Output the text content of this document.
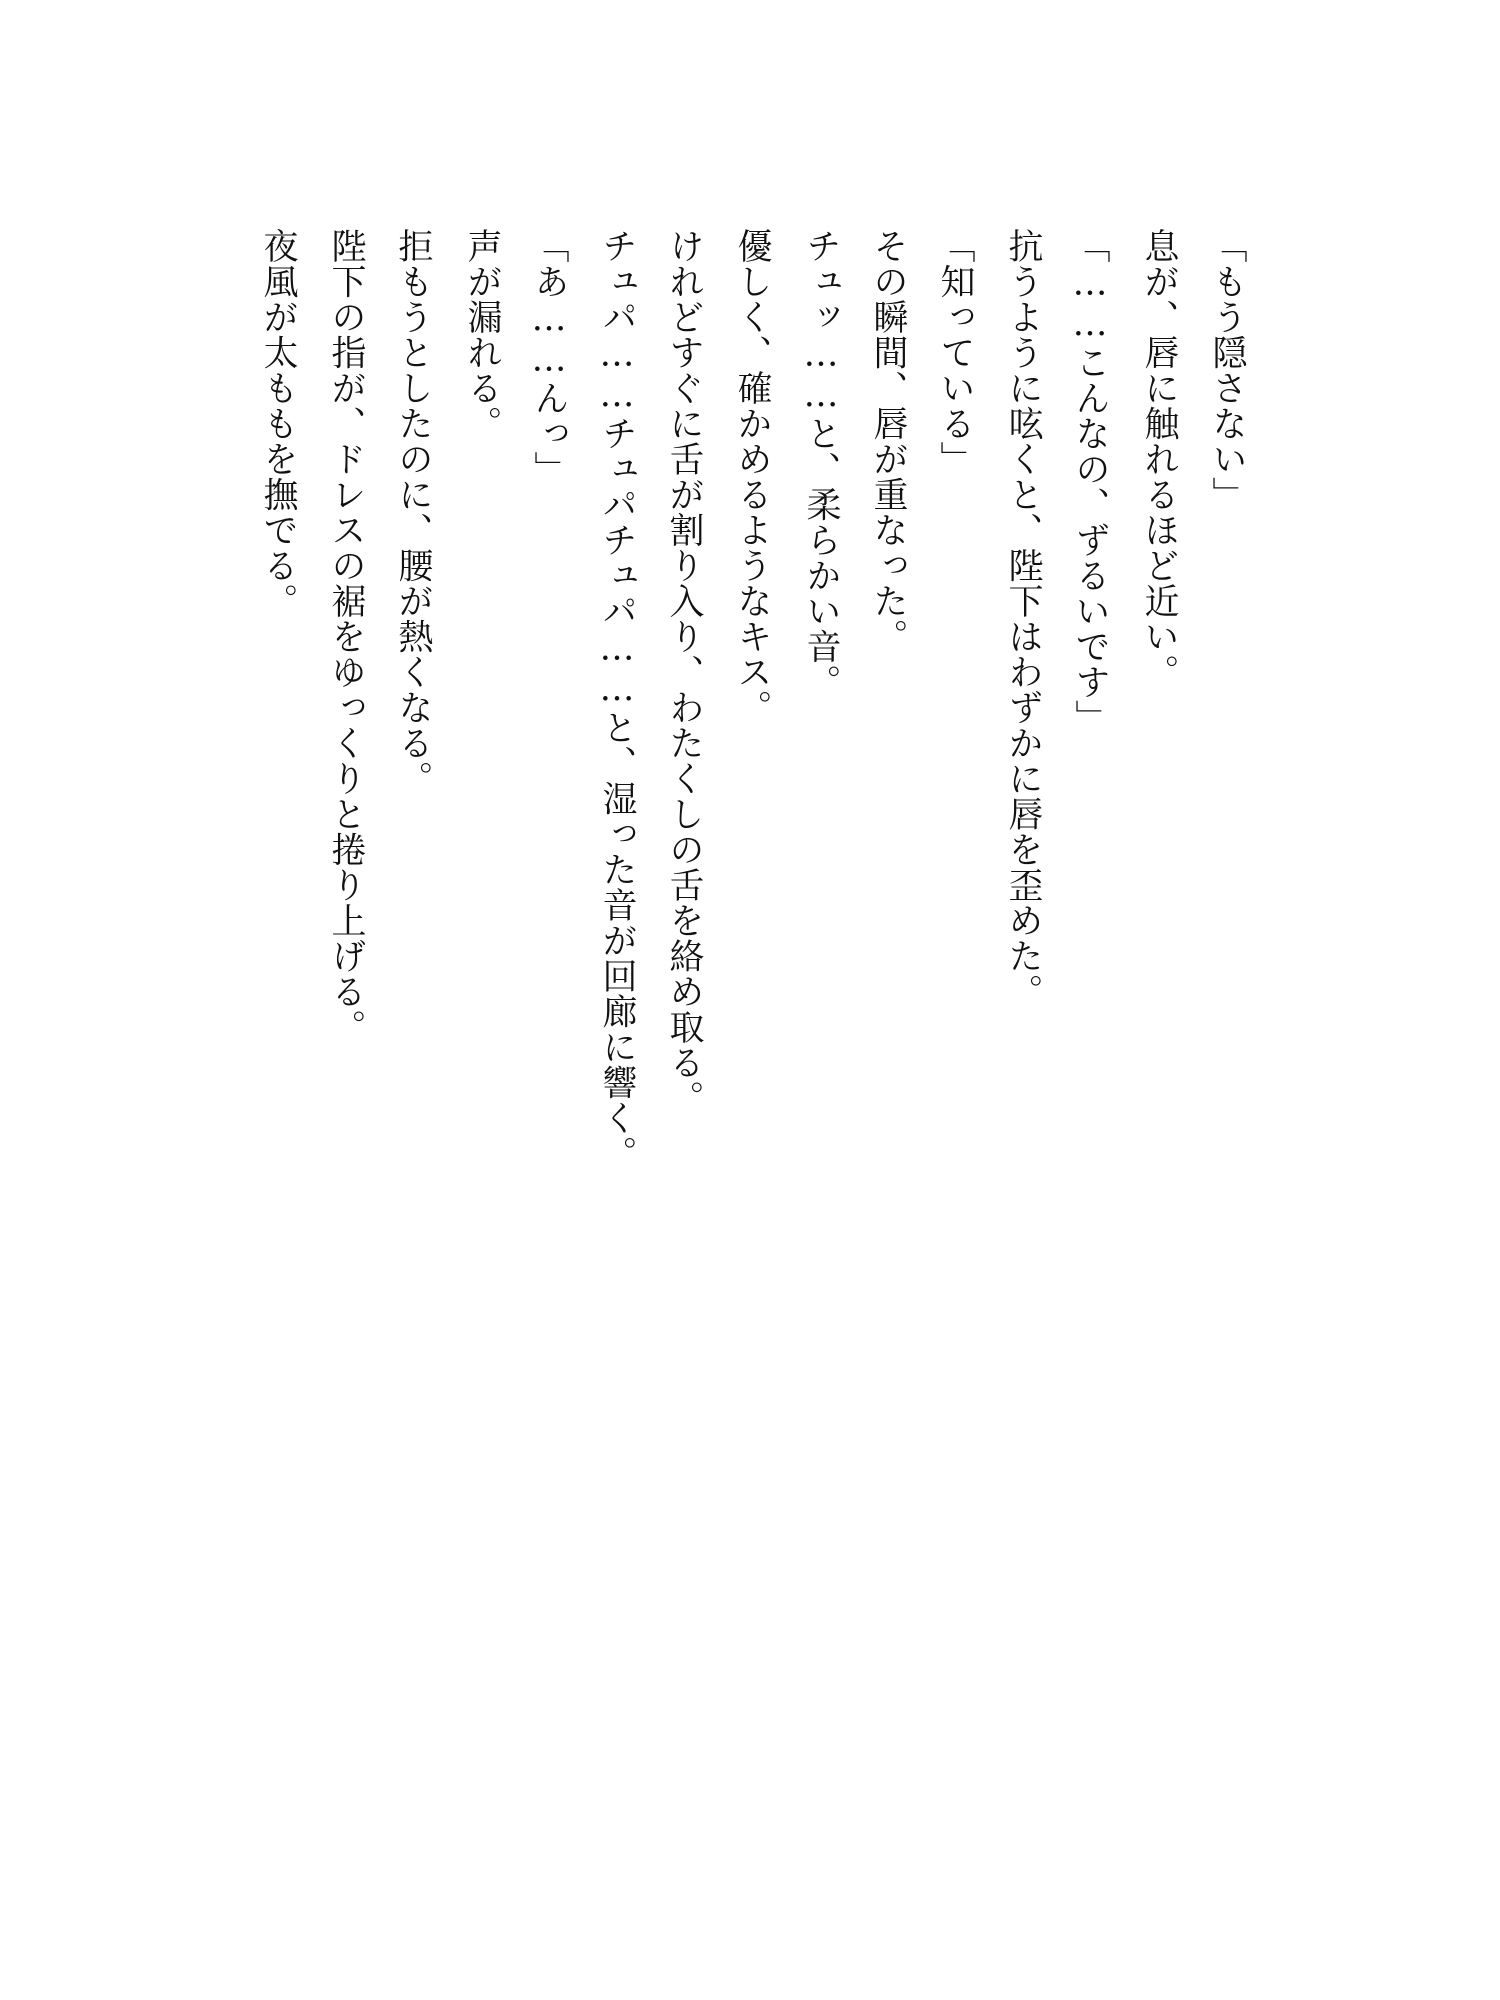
「もう隠さない」
息が、唇に触れるほど近い。
「……こんなの、ずるいです」
抗うように呟くと、陛下はわずかに唇を歪めた。
「知っている」
その瞬間、唇が重なった。
チュッ……と、柔らかい音。
優しく、確かめるようなキス。
けれどすぐに舌が割り入り、わたくしの舌を絡め取る。
チュパ……チュパチュパ……と、湿った音が回廊に響く。
「あ……んっ」
声が漏れる。
拒もうとしたのに、腰が熱くなる。
陛下の指が、ドレスの裾をゆっくりと捲り上げる。
夜風が太ももを撫でる。
